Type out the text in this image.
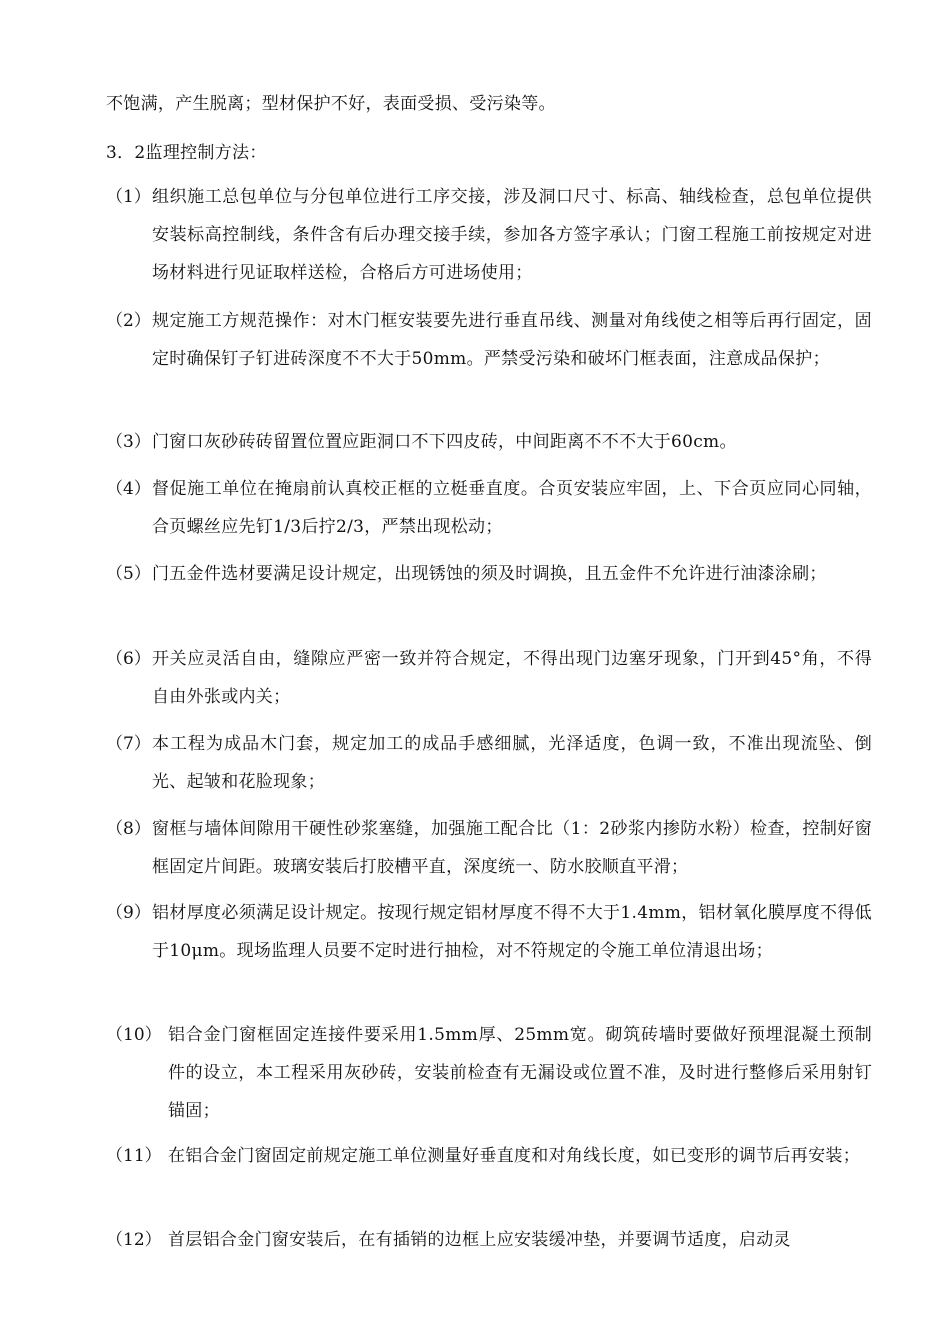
不饱满，产生脱离；型材保护不好，表面受损、受污染等。
3．2监理控制方法：
（1） 组织施工总包单位与分包单位进行工序交接，涉及洞口尺寸、标高、轴线检查，总包单位提供安装标高控制线，条件含有后办理交接手续，参加各方签字承认；门窗工程施工前按规定对进场材料进行见证取样送检，合格后方可进场使用；
（2） 规定施工方规范操作：对木门框安装要先进行垂直吊线、测量对角线使之相等后再行固定，固定时确保钉子钉进砖深度不不大于50mm。严禁受污染和破坏门框表面，注意成品保护；
（3） 门窗口灰砂砖砖留置位置应距洞口不下四皮砖，中间距离不不不大于60cm。
（4） 督促施工单位在掩扇前认真校正框的立梃垂直度。合页安装应牢固，上、下合页应同心同轴，合页螺丝应先钉1/3后拧2/3，严禁出现松动；
（5） 门五金件选材要满足设计规定，出现锈蚀的须及时调换，且五金件不允许进行油漆涂刷；
（6） 开关应灵活自由，缝隙应严密一致并符合规定，不得出现门边塞牙现象，门开到45°角，不得自由外张或内关；
（7） 本工程为成品木门套，规定加工的成品手感细腻，光泽适度，色调一致，不准出现流坠、倒光、起皱和花脸现象；
（8） 窗框与墙体间隙用干硬性砂浆塞缝，加强施工配合比（1：2砂浆内掺防水粉）检查，控制好窗框固定片间距。玻璃安装后打胶槽平直，深度统一、防水胶顺直平滑；
（9） 铝材厚度必须满足设计规定。按现行规定铝材厚度不得不大于1.4mm，铝材氧化膜厚度不得低于10μm。现场监理人员要不定时进行抽检，对不符规定的令施工单位清退出场；
（10） 铝合金门窗框固定连接件要采用1.5mm厚、25mm宽。砌筑砖墙时要做好预埋混凝土预制件的设立，本工程采用灰砂砖，安装前检查有无漏设或位置不准，及时进行整修后采用射钉锚固；
（11） 在铝合金门窗固定前规定施工单位测量好垂直度和对角线长度，如已变形的调节后再安装；
（12） 首层铝合金门窗安装后，在有插销的边框上应安装缓冲垫，并要调节适度，启动灵
